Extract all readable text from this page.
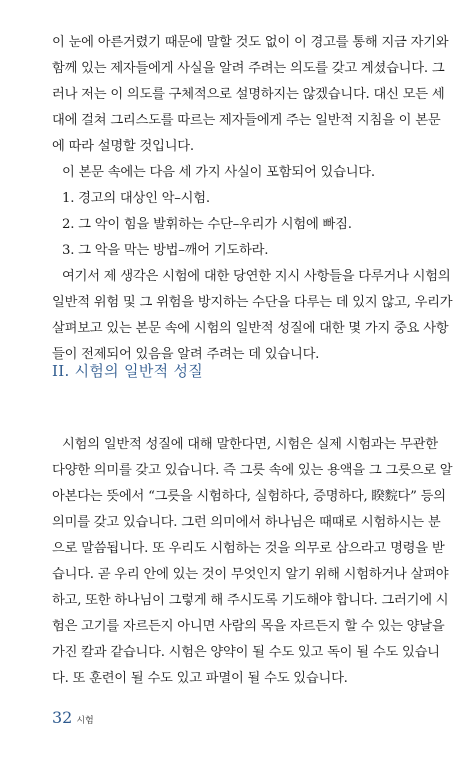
이 눈에 아른거렸기 때문에 말할 것도 없이 이 경고를 통해 지금 자기와
함께 있는 제자들에게 사실을 알려 주려는 의도를 갖고 계셨습니다. 그
러나 저는 이 의도를 구체적으로 설명하지는 않겠습니다. 대신 모든 세
대에 걸쳐 그리스도를 따르는 제자들에게 주는 일반적 지침을 이 본문
에 따라 설명할 것입니다.
이 본문 속에는 다음 세 가지 사실이 포함되어 있습니다.
1. 경고의 대상인 악–시험.
2. 그 악이 힘을 발휘하는 수단–우리가 시험에 빠짐.
3. 그 악을 막는 방법–깨어 기도하라.
여기서 제 생각은 시험에 대한 당연한 지시 사항들을 다루거나 시험의
일반적 위험 및 그 위험을 방지하는 수단을 다루는 데 있지 않고, 우리가
살펴보고 있는 본문 속에 시험의 일반적 성질에 대한 몇 가지 중요 사항
들이 전제되어 있음을 알려 주려는 데 있습니다.
II. 시험의 일반적 성질
시험의 일반적 성질에 대해 말한다면, 시험은 실제 시험과는 무관한
다양한 의미를 갖고 있습니다. 즉 그릇 속에 있는 용액을 그 그릇으로 알
아본다는 뜻에서 “그릇을 시험하다, 실험하다, 증명하다, 睽䴷다” 등의
의미를 갖고 있습니다. 그런 의미에서 하나님은 때때로 시험하시는 분
으로 말씀됩니다. 또 우리도 시험하는 것을 의무로 삼으라고 명령을 받
습니다. 곧 우리 안에 있는 것이 무엇인지 알기 위해 시험하거나 살펴야
하고, 또한 하나님이 그렇게 해 주시도록 기도해야 합니다. 그러기에 시
험은 고기를 자르든지 아니면 사람의 목을 자르든지 할 수 있는 양날을
가진 칼과 같습니다. 시험은 양약이 될 수도 있고 독이 될 수도 있습니
다. 또 훈련이 될 수도 있고 파멸이 될 수도 있습니다.
32 시험
